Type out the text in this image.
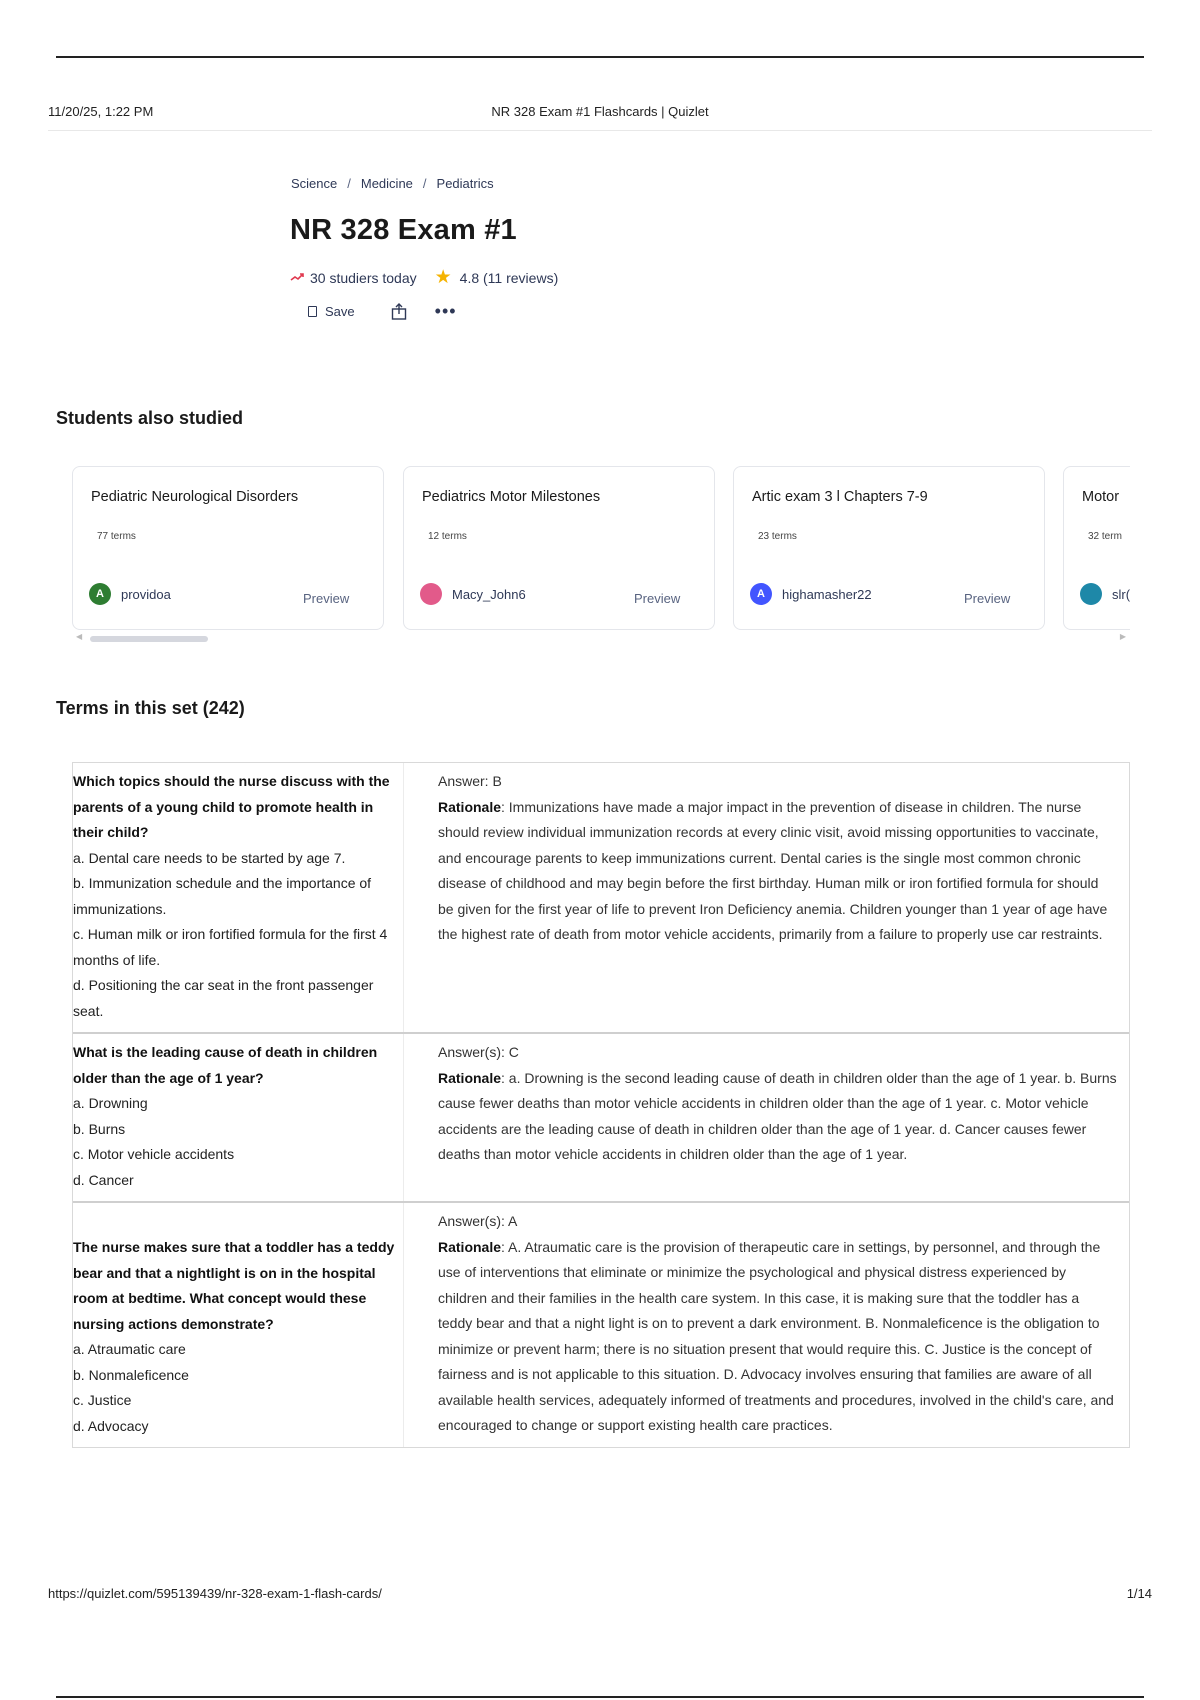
11/20/25, 1:22 PM	NR 328 Exam #1 Flashcards | Quizlet
Science / Medicine / Pediatrics
NR 328 Exam #1
30 studiers today ★ 4.8 (11 reviews)
Save	•••
Students also studied
Pediatric Neurological Disorders
77 terms
A	providoa	Preview
Pediatrics Motor Milestones
12 terms
Macy_John6	Preview
Artic exam 3 l Chapters 7-9
23 terms
A	highamasher22	Preview
Motor
32 term
slr(
◀	▶
Terms in this set (242)
Which topics should the nurse discuss with the parents of a young child to promote health in their child?
a. Dental care needs to be started by age 7.
b. Immunization schedule and the importance of immunizations.
c. Human milk or iron fortified formula for the first 4 months of life.
d. Positioning the car seat in the front passenger seat.
Answer: B
Rationale: Immunizations have made a major impact in the prevention of disease in children. The nurse should review individual immunization records at every clinic visit, avoid missing opportunities to vaccinate, and encourage parents to keep immunizations current. Dental caries is the single most common chronic disease of childhood and may begin before the first birthday. Human milk or iron fortified formula for should be given for the first year of life to prevent Iron Deficiency anemia. Children younger than 1 year of age have the highest rate of death from motor vehicle accidents, primarily from a failure to properly use car restraints.
What is the leading cause of death in children older than the age of 1 year?
a. Drowning
b. Burns
c. Motor vehicle accidents
d. Cancer
Answer(s): C
Rationale: a. Drowning is the second leading cause of death in children older than the age of 1 year. b. Burns cause fewer deaths than motor vehicle accidents in children older than the age of 1 year. c. Motor vehicle accidents are the leading cause of death in children older than the age of 1 year. d. Cancer causes fewer deaths than motor vehicle accidents in children older than the age of 1 year.
The nurse makes sure that a toddler has a teddy bear and that a nightlight is on in the hospital room at bedtime. What concept would these nursing actions demonstrate?
a. Atraumatic care
b. Nonmaleficence
c. Justice
d. Advocacy
Answer(s): A
Rationale: A. Atraumatic care is the provision of therapeutic care in settings, by personnel, and through the use of interventions that eliminate or minimize the psychological and physical distress experienced by children and their families in the health care system. In this case, it is making sure that the toddler has a teddy bear and that a night light is on to prevent a dark environment. B. Nonmaleficence is the obligation to minimize or prevent harm; there is no situation present that would require this. C. Justice is the concept of fairness and is not applicable to this situation. D. Advocacy involves ensuring that families are aware of all available health services, adequately informed of treatments and procedures, involved in the child's care, and encouraged to change or support existing health care practices.
https://quizlet.com/595139439/nr-328-exam-1-flash-cards/	1/14
